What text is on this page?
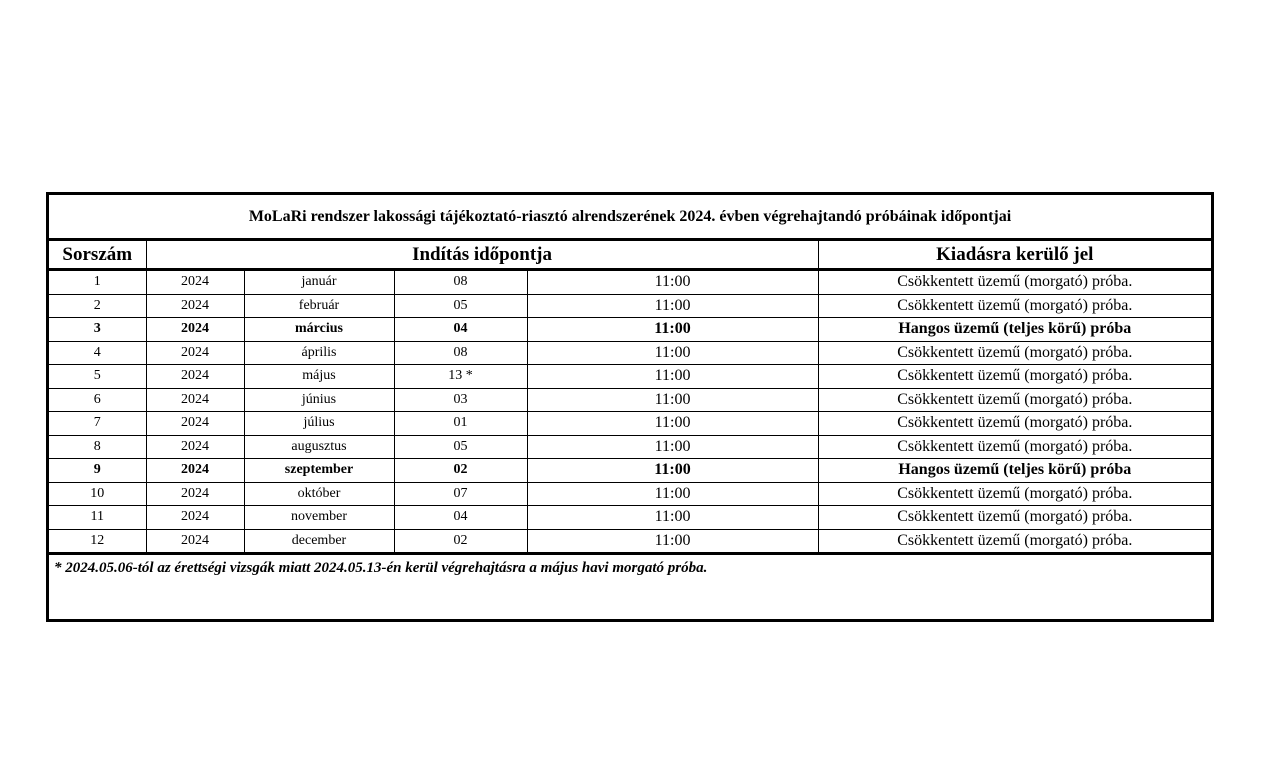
MoLaRi rendszer lakossági tájékoztató-riasztó alrendszerének 2024. évben végrehajtandó próbáinak időpontjai
Sorszám	Indítás időpontja				Kiadásra kerülő jel
1	2024	január	08	11:00	Csökkentett üzemű (morgató) próba.
2	2024	február	05	11:00	Csökkentett üzemű (morgató) próba.
3	2024	március	04	11:00	Hangos üzemű (teljes körű) próba
4	2024	április	08	11:00	Csökkentett üzemű (morgató) próba.
5	2024	május	13 *	11:00	Csökkentett üzemű (morgató) próba.
6	2024	június	03	11:00	Csökkentett üzemű (morgató) próba.
7	2024	július	01	11:00	Csökkentett üzemű (morgató) próba.
8	2024	augusztus	05	11:00	Csökkentett üzemű (morgató) próba.
9	2024	szeptember	02	11:00	Hangos üzemű (teljes körű) próba
10	2024	október	07	11:00	Csökkentett üzemű (morgató) próba.
11	2024	november	04	11:00	Csökkentett üzemű (morgató) próba.
12	2024	december	02	11:00	Csökkentett üzemű (morgató) próba.
* 2024.05.06-tól az érettségi vizsgák miatt 2024.05.13-én kerül végrehajtásra a május havi morgató próba.
